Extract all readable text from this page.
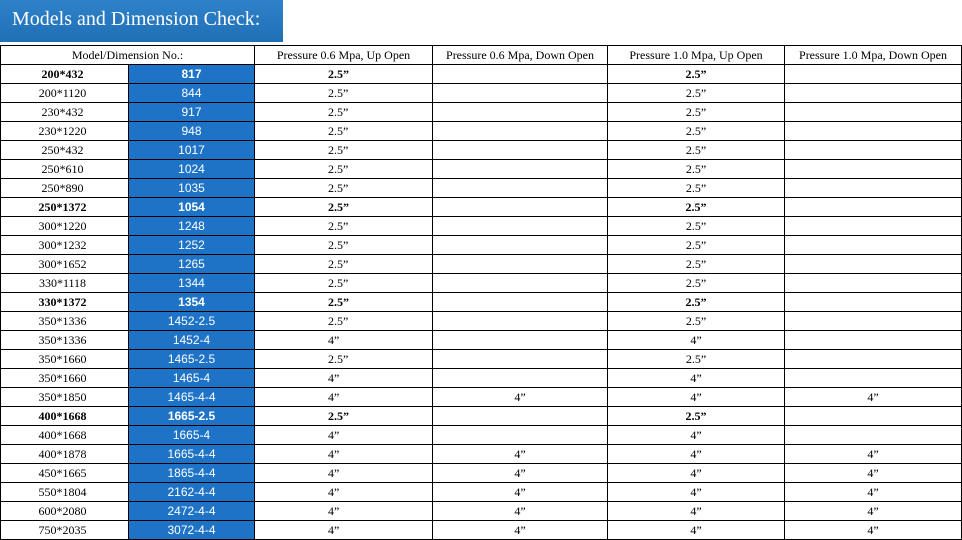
Models and Dimension Check:
Model/Dimension No.:		Pressure 0.6 Mpa, Up Open	Pressure 0.6 Mpa, Down Open	Pressure 1.0 Mpa, Up Open	Pressure 1.0 Mpa, Down Open
200*432	817	2.5”		2.5”	
200*1120	844	2.5”		2.5”	
230*432	917	2.5”		2.5”	
230*1220	948	2.5”		2.5”	
250*432	1017	2.5”		2.5”	
250*610	1024	2.5”		2.5”	
250*890	1035	2.5”		2.5”	
250*1372	1054	2.5”		2.5”	
300*1220	1248	2.5”		2.5”	
300*1232	1252	2.5”		2.5”	
300*1652	1265	2.5”		2.5”	
330*1118	1344	2.5”		2.5”	
330*1372	1354	2.5”		2.5”	
350*1336	1452-2.5	2.5”		2.5”	
350*1336	1452-4	4”		4”	
350*1660	1465-2.5	2.5”		2.5”	
350*1660	1465-4	4”		4”	
350*1850	1465-4-4	4”	4”	4”	4”
400*1668	1665-2.5	2.5”		2.5”	
400*1668	1665-4	4”		4”	
400*1878	1665-4-4	4”	4”	4”	4”
450*1665	1865-4-4	4”	4”	4”	4”
550*1804	2162-4-4	4”	4”	4”	4”
600*2080	2472-4-4	4”	4”	4”	4”
750*2035	3072-4-4	4”	4”	4”	4”
